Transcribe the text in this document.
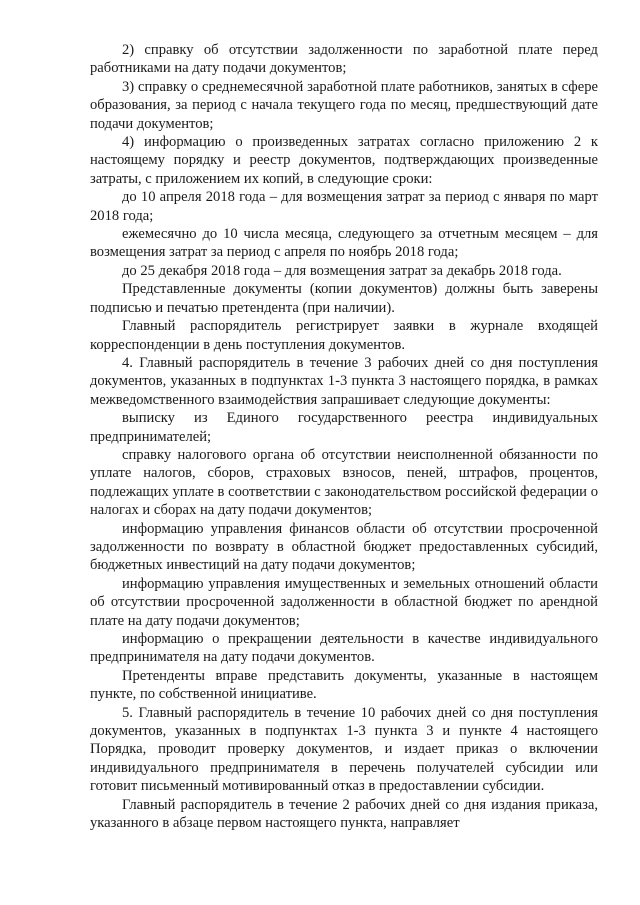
2) справку об отсутствии задолженности по заработной плате перед работниками на дату подачи документов;

3) справку о среднемесячной заработной плате работников, занятых в сфере образования, за период с начала текущего года по месяц, предшествующий дате подачи документов;

4) информацию о произведенных затратах согласно приложению 2 к настоящему порядку и реестр документов, подтверждающих произведенные затраты, с приложением их копий, в следующие сроки:

до 10 апреля 2018 года – для возмещения затрат за период с января по март 2018 года;

ежемесячно до 10 числа месяца, следующего за отчетным месяцем – для возмещения затрат за период с апреля по ноябрь 2018 года;

до 25 декабря 2018 года – для возмещения затрат за декабрь 2018 года.

Представленные документы (копии документов) должны быть заверены подписью и печатью претендента (при наличии).

Главный распорядитель регистрирует заявки в журнале входящей корреспонденции в день поступления документов.

4. Главный распорядитель в течение 3 рабочих дней со дня поступления документов, указанных в подпунктах 1-3 пункта 3 настоящего порядка, в рамках межведомственного взаимодействия запрашивает следующие документы:

выписку из Единого государственного реестра индивидуальных предпринимателей;

справку налогового органа об отсутствии неисполненной обязанности по уплате налогов, сборов, страховых взносов, пеней, штрафов, процентов, подлежащих уплате в соответствии с законодательством российской федерации о налогах и сборах на дату подачи документов;

информацию управления финансов области об отсутствии просроченной задолженности по возврату в областной бюджет предоставленных субсидий, бюджетных инвестиций на дату подачи документов;

информацию управления имущественных и земельных отношений области об отсутствии просроченной задолженности в областной бюджет по арендной плате на дату подачи документов;

информацию о прекращении деятельности в качестве индивидуального предпринимателя на дату подачи документов.

Претенденты вправе представить документы, указанные в настоящем пункте, по собственной инициативе.

5. Главный распорядитель в течение 10 рабочих дней со дня поступления документов, указанных в подпунктах 1-3 пункта 3 и пункте 4 настоящего Порядка, проводит проверку документов, и издает приказ о включении индивидуального предпринимателя в перечень получателей субсидии или готовит письменный мотивированный отказ в предоставлении субсидии.

Главный распорядитель в течение 2 рабочих дней со дня издания приказа, указанного в абзаце первом настоящего пункта, направляет
